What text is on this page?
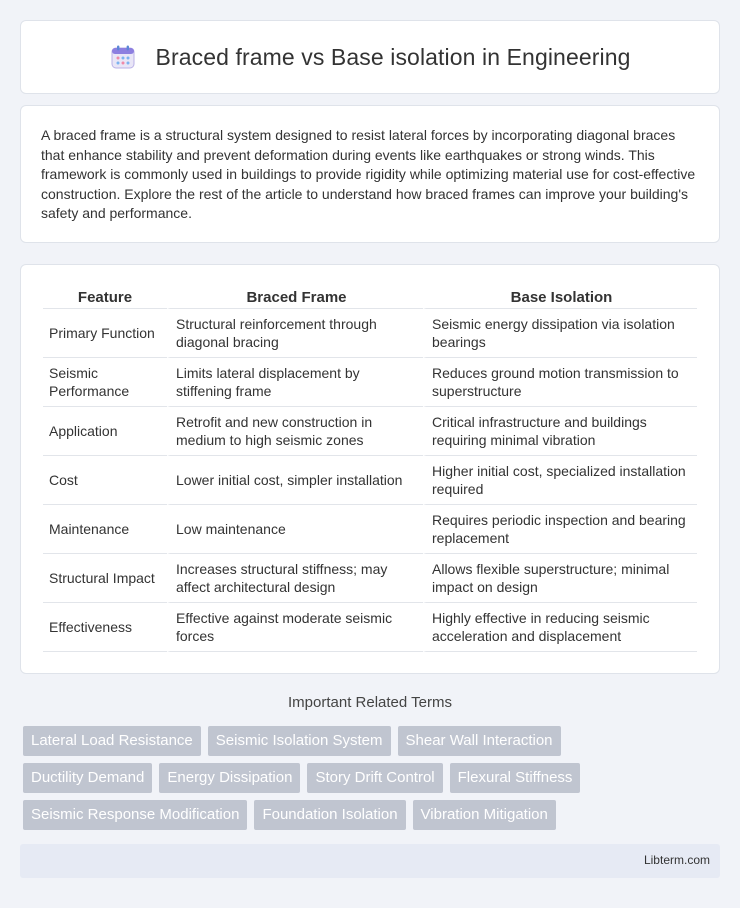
Braced frame vs Base isolation in Engineering

A braced frame is a structural system designed to resist lateral forces by incorporating diagonal braces that enhance stability and prevent deformation during events like earthquakes or strong winds. This framework is commonly used in buildings to provide rigidity while optimizing material use for cost-effective construction. Explore the rest of the article to understand how braced frames can improve your building's safety and performance.

Feature	Braced Frame	Base Isolation
Primary Function	Structural reinforcement through diagonal bracing	Seismic energy dissipation via isolation bearings
Seismic Performance	Limits lateral displacement by stiffening frame	Reduces ground motion transmission to superstructure
Application	Retrofit and new construction in medium to high seismic zones	Critical infrastructure and buildings requiring minimal vibration
Cost	Lower initial cost, simpler installation	Higher initial cost, specialized installation required
Maintenance	Low maintenance	Requires periodic inspection and bearing replacement
Structural Impact	Increases structural stiffness; may affect architectural design	Allows flexible superstructure; minimal impact on design
Effectiveness	Effective against moderate seismic forces	Highly effective in reducing seismic acceleration and displacement
Important Related Terms
Lateral Load Resistance	Seismic Isolation System	Shear Wall Interaction
Ductility Demand	Energy Dissipation	Story Drift Control	Flexural Stiffness
Seismic Response Modification	Foundation Isolation	Vibration Mitigation
Libterm.com
